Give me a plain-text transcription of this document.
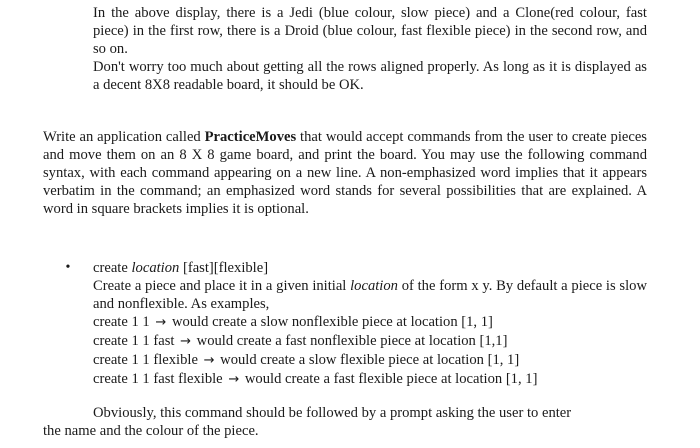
In the above display, there is a Jedi (blue colour, slow piece) and a Clone(red colour, fast piece) in the first row, there is a Droid (blue colour, fast flexible piece) in the second row, and so on.

Don't worry too much about getting all the rows aligned properly. As long as it is displayed as a decent 8X8 readable board, it should be OK.

Write an application called PracticeMoves that would accept commands from the user to create pieces and move them on an 8 X 8 game board, and print the board. You may use the following command syntax, with each command appearing on a new line. A non-emphasized word implies that it appears verbatim in the command; an emphasized word stands for several possibilities that are explained. A word in square brackets implies it is optional.

• create location [fast][flexible]
Create a piece and place it in a given initial location of the form x y. By default a piece is slow and nonflexible. As examples,
create 1 1 → would create a slow nonflexible piece at location [1, 1]
create 1 1 fast → would create a fast nonflexible piece at location [1,1]
create 1 1 flexible → would create a slow flexible piece at location [1, 1]
create 1 1 fast flexible → would create a fast flexible piece at location [1, 1]
Obviously, this command should be followed by a prompt asking the user to enter
the name and the colour of the piece.
